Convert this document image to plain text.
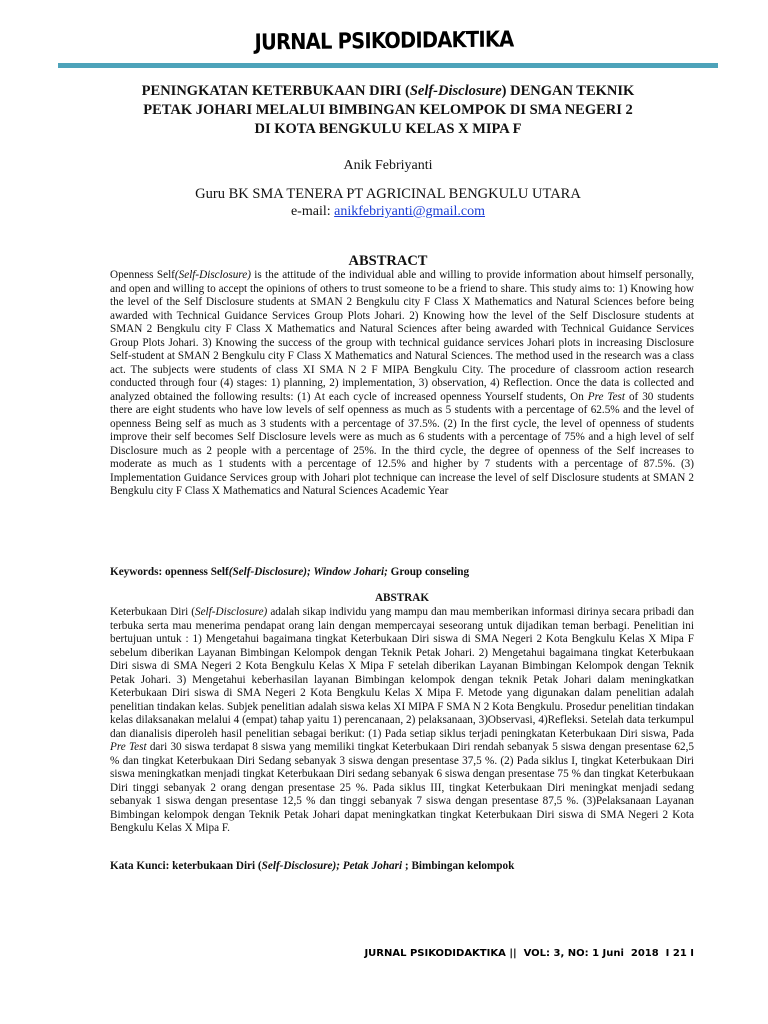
JURNAL PSIKODIDAKTIKA
PENINGKATAN KETERBUKAAN DIRI (Self-Disclosure) DENGAN TEKNIK
PETAK JOHARI MELALUI BIMBINGAN KELOMPOK DI SMA NEGERI 2
DI KOTA BENGKULU KELAS X MIPA F
Anik Febriyanti
Guru BK SMA TENERA PT AGRICINAL BENGKULU UTARA
e-mail: anikfebriyanti@gmail.com
ABSTRACT
Openness Self(Self-Disclosure) is the attitude of the individual able and willing to provide information about himself personally, and open and willing to accept the opinions of others to trust someone to be a friend to share. This study aims to: 1) Knowing how the level of the Self Disclosure students at SMAN 2 Bengkulu city F Class X Mathematics and Natural Sciences before being awarded with Technical Guidance Services Group Plots Johari. 2) Knowing how the level of the Self Disclosure students at SMAN 2 Bengkulu city F Class X Mathematics and Natural Sciences after being awarded with Technical Guidance Services Group Plots Johari. 3) Knowing the success of the group with technical guidance services Johari plots in increasing Disclosure Self-student at SMAN 2 Bengkulu city F Class X Mathematics and Natural Sciences. The method used in the research was a class act. The subjects were students of class XI SMA N 2 F MIPA Bengkulu City. The procedure of classroom action research conducted through four (4) stages: 1) planning, 2) implementation, 3) observation, 4) Reflection. Once the data is collected and analyzed obtained the following results: (1) At each cycle of increased openness Yourself students, On Pre Test of 30 students there are eight students who have low levels of self openness as much as 5 students with a percentage of 62.5% and the level of openness Being self as much as 3 students with a percentage of 37.5%. (2) In the first cycle, the level of openness of students improve their self becomes Self Disclosure levels were as much as 6 students with a percentage of 75% and a high level of self Disclosure much as 2 people with a percentage of 25%. In the third cycle, the degree of openness of the Self increases to moderate as much as 1 students with a percentage of 12.5% and higher by 7 students with a percentage of 87.5%. (3) Implementation Guidance Services group with Johari plot technique can increase the level of self Disclosure students at SMAN 2 Bengkulu city F Class X Mathematics and Natural Sciences Academic Year
Keywords: openness Self(Self-Disclosure); Window Johari; Group conseling
ABSTRAK
Keterbukaan Diri (Self-Disclosure) adalah sikap individu yang mampu dan mau memberikan informasi dirinya secara pribadi dan terbuka serta mau menerima pendapat orang lain dengan mempercayai seseorang untuk dijadikan teman berbagi. Penelitian ini bertujuan untuk : 1) Mengetahui bagaimana tingkat Keterbukaan Diri siswa di SMA Negeri 2 Kota Bengkulu Kelas X Mipa F sebelum diberikan Layanan Bimbingan Kelompok dengan Teknik Petak Johari. 2) Mengetahui bagaimana tingkat Keterbukaan Diri siswa di SMA Negeri 2 Kota Bengkulu Kelas X Mipa F setelah diberikan Layanan Bimbingan Kelompok dengan Teknik Petak Johari. 3) Mengetahui keberhasilan layanan Bimbingan kelompok dengan teknik Petak Johari dalam meningkatkan Keterbukaan Diri siswa di SMA Negeri 2 Kota Bengkulu Kelas X Mipa F. Metode yang digunakan dalam penelitian adalah penelitian tindakan kelas. Subjek penelitian adalah siswa kelas XI MIPA F SMA N 2 Kota Bengkulu. Prosedur penelitian tindakan kelas dilaksanakan melalui 4 (empat) tahap yaitu 1) perencanaan, 2) pelaksanaan, 3)Observasi, 4)Refleksi. Setelah data terkumpul dan dianalisis diperoleh hasil penelitian sebagai berikut: (1) Pada setiap siklus terjadi peningkatan Keterbukaan Diri siswa, Pada Pre Test dari 30 siswa terdapat 8 siswa yang memiliki tingkat Keterbukaan Diri rendah sebanyak 5 siswa dengan presentase 62,5 % dan tingkat Keterbukaan Diri Sedang sebanyak 3 siswa dengan presentase 37,5 %. (2) Pada siklus I, tingkat Keterbukaan Diri siswa meningkatkan menjadi tingkat Keterbukaan Diri sedang sebanyak 6 siswa dengan presentase 75 % dan tingkat Keterbukaan Diri tinggi sebanyak 2 orang dengan presentase 25 %. Pada siklus III, tingkat Keterbukaan Diri meningkat menjadi sedang sebanyak 1 siswa dengan presentase 12,5 % dan tinggi sebanyak 7 siswa dengan presentase 87,5 %. (3)Pelaksanaan Layanan Bimbingan kelompok dengan Teknik Petak Johari dapat meningkatkan tingkat Keterbukaan Diri siswa di SMA Negeri 2 Kota Bengkulu Kelas X Mipa F.
Kata Kunci: keterbukaan Diri (Self-Disclosure); Petak Johari ; Bimbingan kelompok
JURNAL PSIKODIDAKTIKA ||  VOL: 3, NO: 1 Juni  2018  I 21 I
